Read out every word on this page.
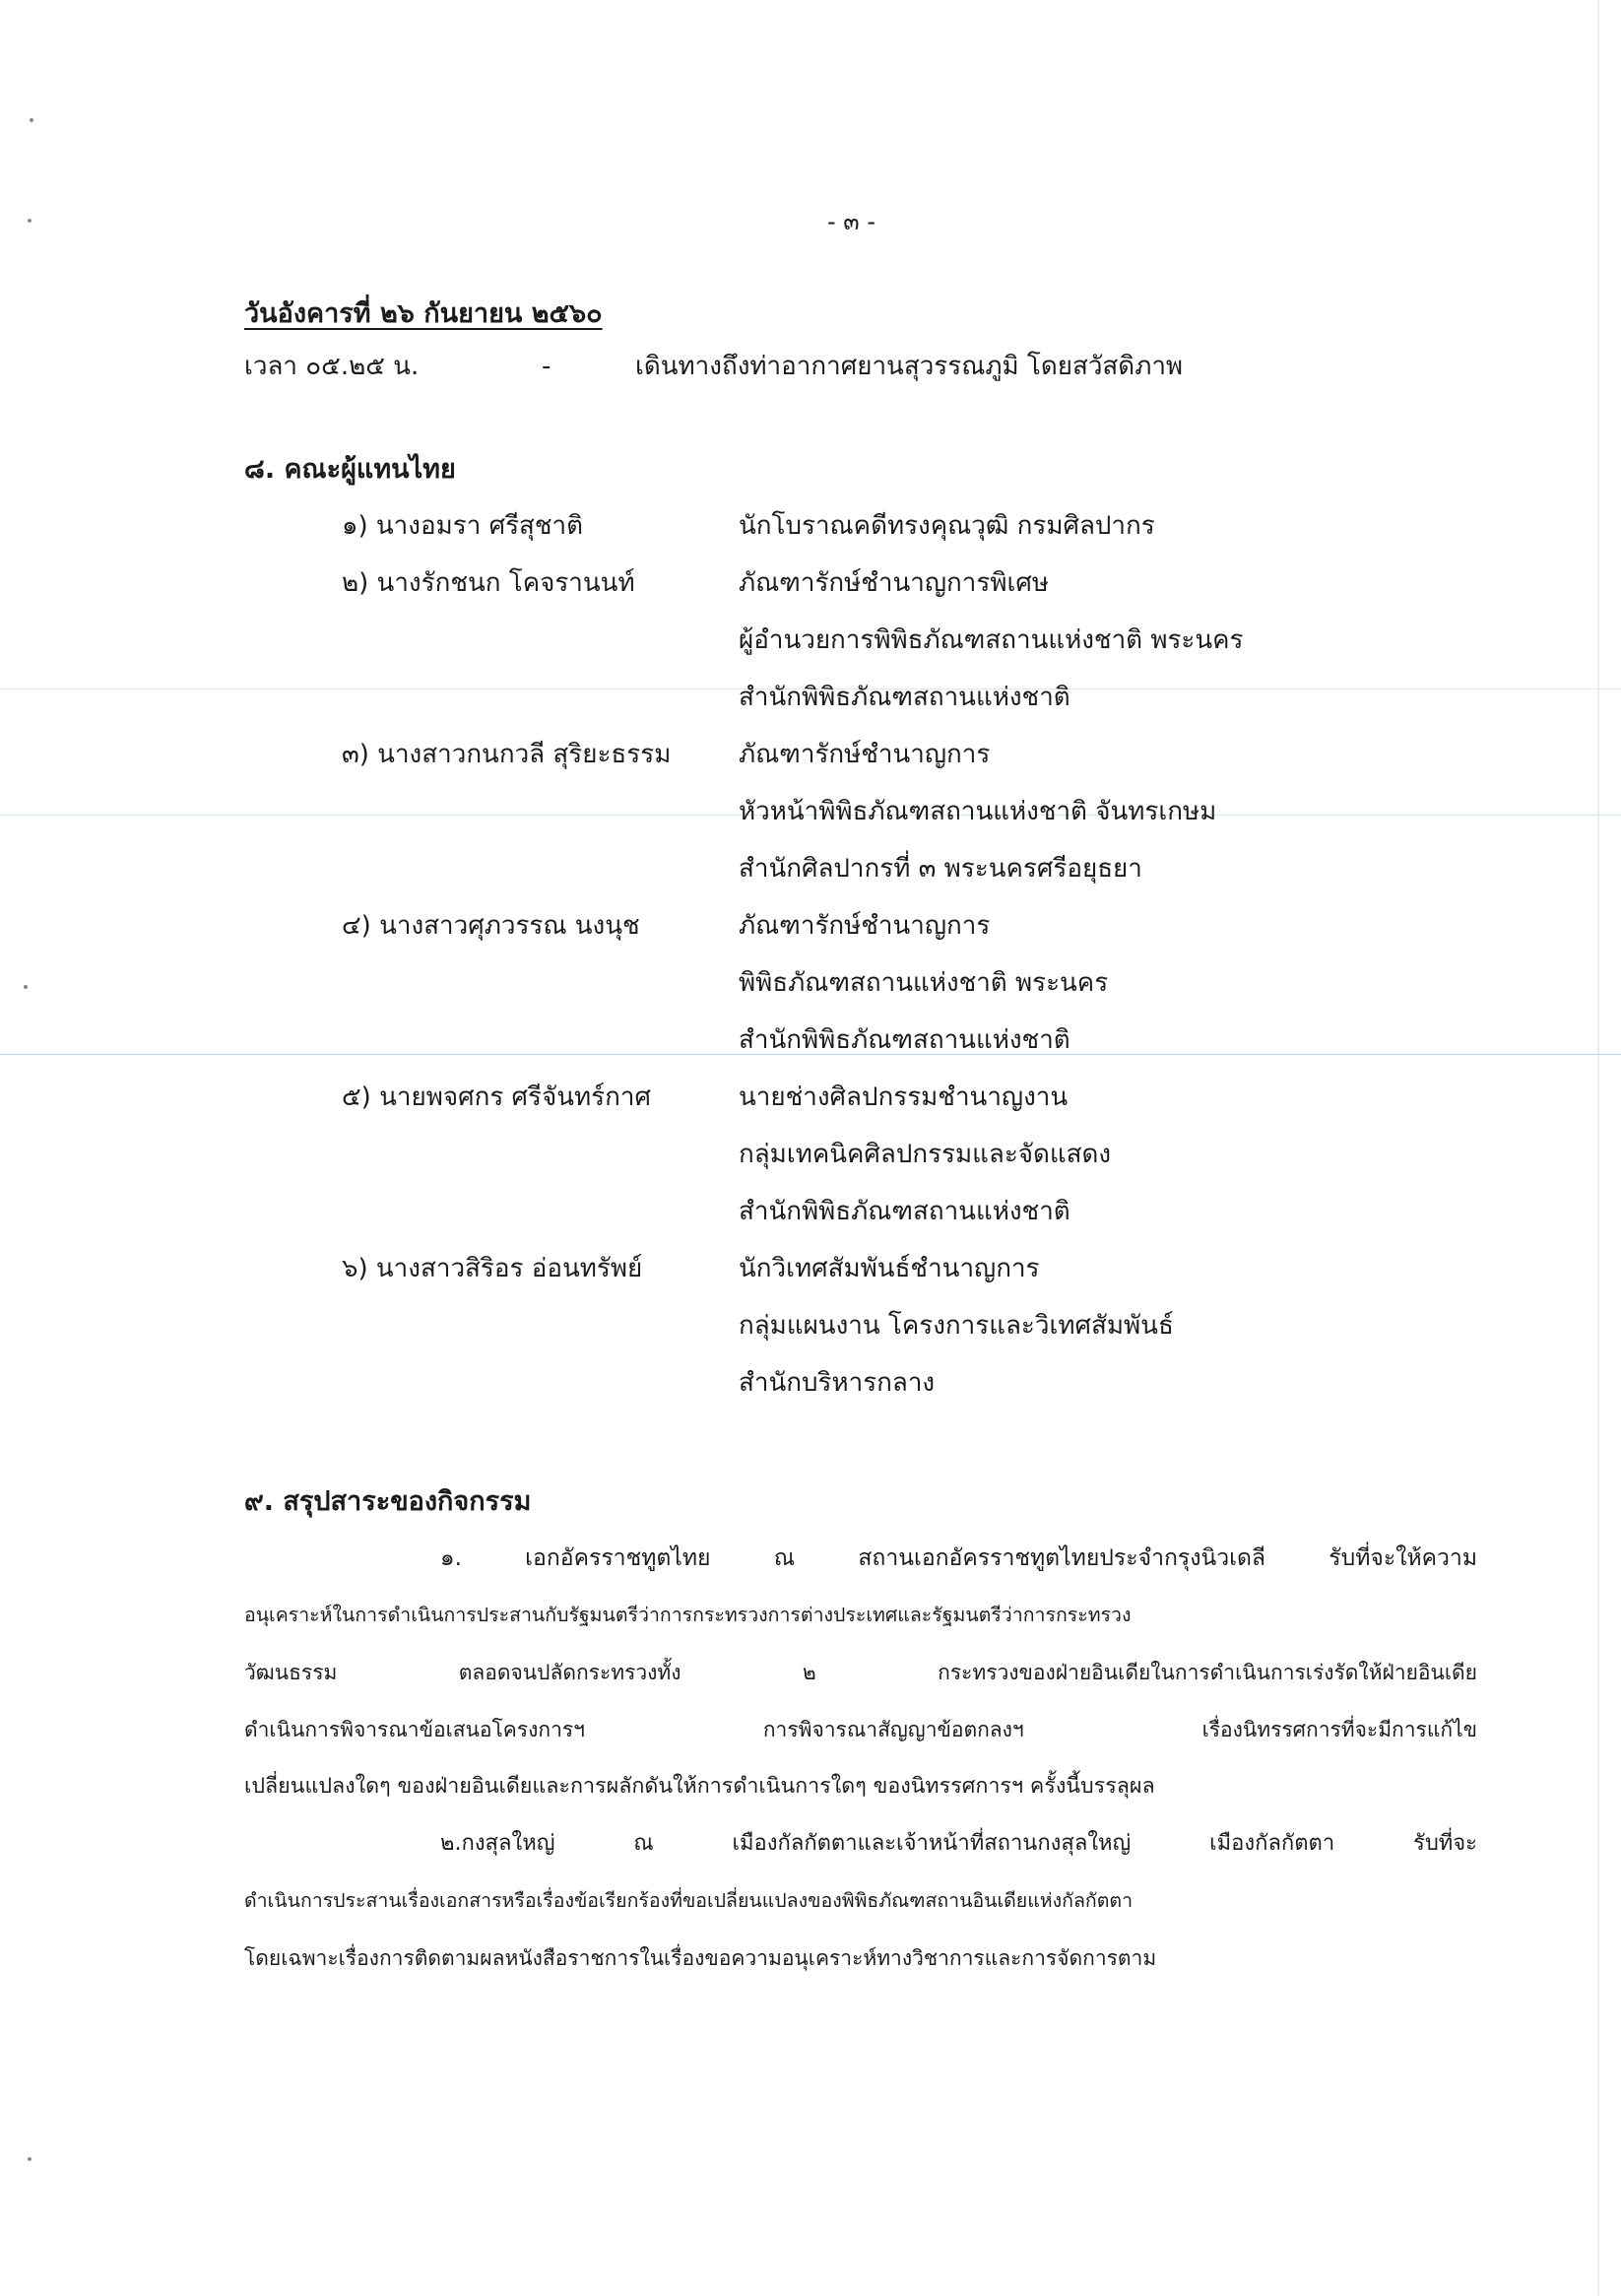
- ๓ -
วันอังคารที่ ๒๖ กันยายน ๒๕๖๐
เวลา ๐๕.๒๕ น.	-	เดินทางถึงท่าอากาศยานสุวรรณภูมิ โดยสวัสดิภาพ
๘. คณะผู้แทนไทย
๑) นางอมรา ศรีสุชาติ	นักโบราณคดีทรงคุณวุฒิ กรมศิลปากร
๒) นางรักชนก โคจรานนท์	ภัณฑารักษ์ชำนาญการพิเศษ
ผู้อำนวยการพิพิธภัณฑสถานแห่งชาติ พระนคร
สำนักพิพิธภัณฑสถานแห่งชาติ
๓) นางสาวกนกวลี สุริยะธรรม	ภัณฑารักษ์ชำนาญการ
หัวหน้าพิพิธภัณฑสถานแห่งชาติ จันทรเกษม
สำนักศิลปากรที่ ๓ พระนครศรีอยุธยา
๔) นางสาวศุภวรรณ นงนุช	ภัณฑารักษ์ชำนาญการ
พิพิธภัณฑสถานแห่งชาติ พระนคร
สำนักพิพิธภัณฑสถานแห่งชาติ
๕) นายพจศกร ศรีจันทร์กาศ	นายช่างศิลปกรรมชำนาญงาน
กลุ่มเทคนิคศิลปกรรมและจัดแสดง
สำนักพิพิธภัณฑสถานแห่งชาติ
๖) นางสาวสิริอร อ่อนทรัพย์	นักวิเทศสัมพันธ์ชำนาญการ
กลุ่มแผนงาน โครงการและวิเทศสัมพันธ์
สำนักบริหารกลาง
๙. สรุปสาระของกิจกรรม
๑. เอกอัครราชทูตไทย ณ สถานเอกอัครราชทูตไทยประจำกรุงนิวเดลี รับที่จะให้ความ
อนุเคราะห์ในการดำเนินการประสานกับรัฐมนตรีว่าการกระทรวงการต่างประเทศและรัฐมนตรีว่าการกระทรวง
วัฒนธรรม ตลอดจนปลัดกระทรวงทั้ง ๒ กระทรวงของฝ่ายอินเดียในการดำเนินการเร่งรัดให้ฝ่ายอินเดีย
ดำเนินการพิจารณาข้อเสนอโครงการฯ การพิจารณาสัญญาข้อตกลงฯ เรื่องนิทรรศการที่จะมีการแก้ไข
เปลี่ยนแปลงใดๆ ของฝ่ายอินเดียและการผลักดันให้การดำเนินการใดๆ ของนิทรรศการฯ ครั้งนี้บรรลุผล
๒.กงสุลใหญ่ ณ เมืองกัลกัตตาและเจ้าหน้าที่สถานกงสุลใหญ่ เมืองกัลกัตตา รับที่จะ
ดำเนินการประสานเรื่องเอกสารหรือเรื่องข้อเรียกร้องที่ขอเปลี่ยนแปลงของพิพิธภัณฑสถานอินเดียแห่งกัลกัตตา
โดยเฉพาะเรื่องการติดตามผลหนังสือราชการในเรื่องขอความอนุเคราะห์ทางวิชาการและการจัดการตาม
